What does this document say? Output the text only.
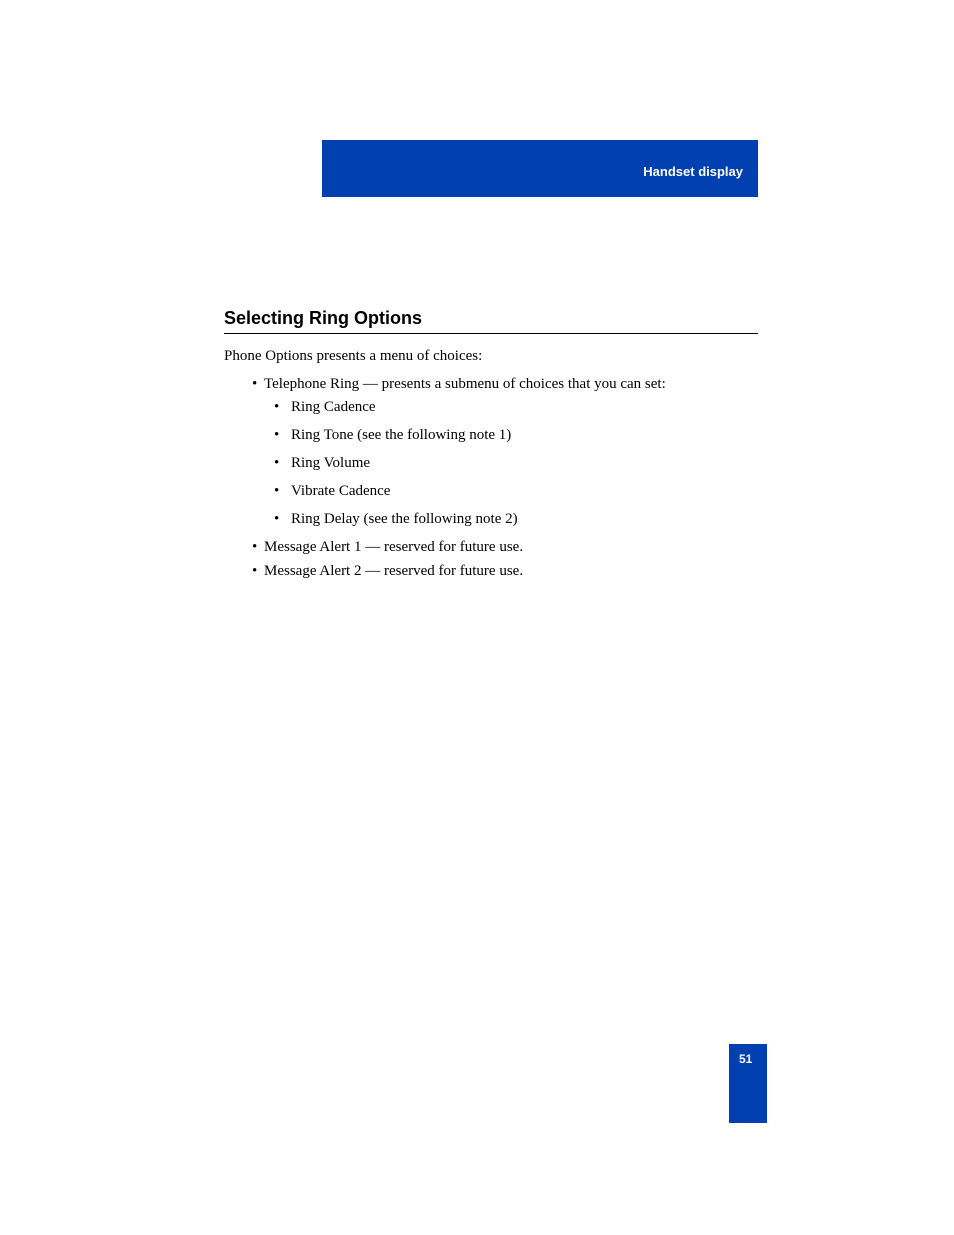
Handset display
Selecting Ring Options
Phone Options presents a menu of choices:
• Telephone Ring — presents a submenu of choices that you can set:
• Ring Cadence
• Ring Tone (see the following note 1)
• Ring Volume
• Vibrate Cadence
• Ring Delay (see the following note 2)
• Message Alert 1 — reserved for future use.
• Message Alert 2 — reserved for future use.
51
